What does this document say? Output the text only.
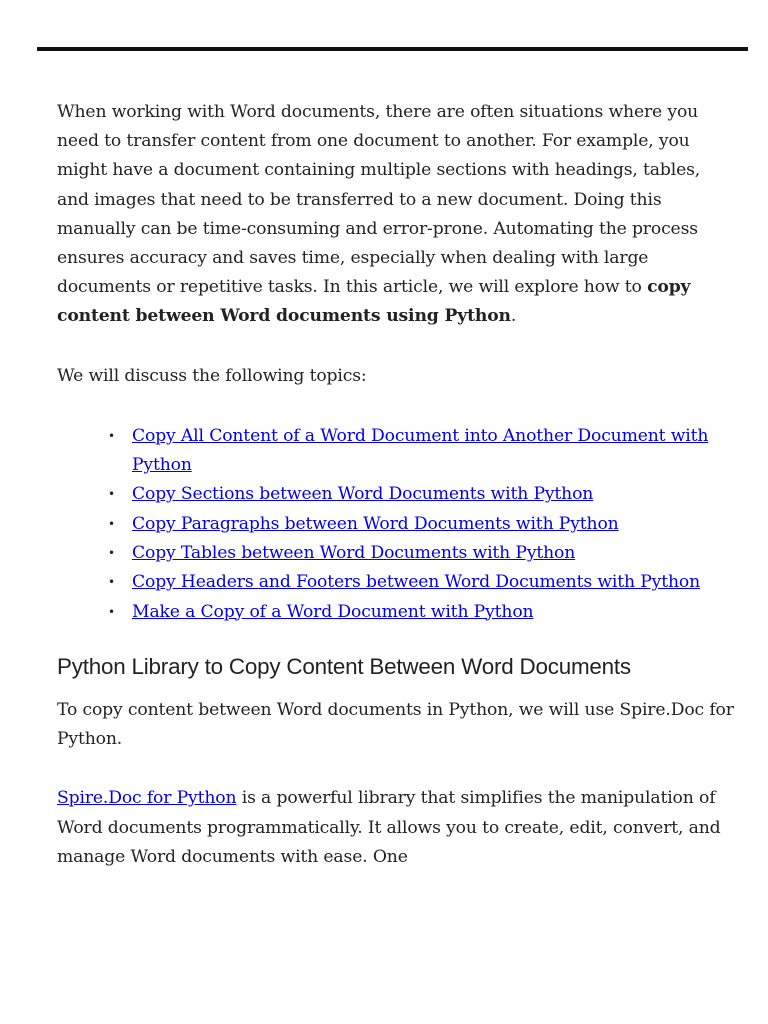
When working with Word documents, there are often situations where you need to transfer content from one document to another. For example, you might have a document containing multiple sections with headings, tables, and images that need to be transferred to a new document. Doing this manually can be time-consuming and error-prone. Automating the process ensures accuracy and saves time, especially when dealing with large documents or repetitive tasks. In this article, we will explore how to copy content between Word documents using Python.

We will discuss the following topics:

• Copy All Content of a Word Document into Another Document with Python
• Copy Sections between Word Documents with Python
• Copy Paragraphs between Word Documents with Python
• Copy Tables between Word Documents with Python
• Copy Headers and Footers between Word Documents with Python
• Make a Copy of a Word Document with Python
Python Library to Copy Content Between Word Documents

To copy content between Word documents in Python, we will use Spire.Doc for Python.

Spire.Doc for Python is a powerful library that simplifies the manipulation of Word documents programmatically. It allows you to create, edit, convert, and manage Word documents with ease. One
